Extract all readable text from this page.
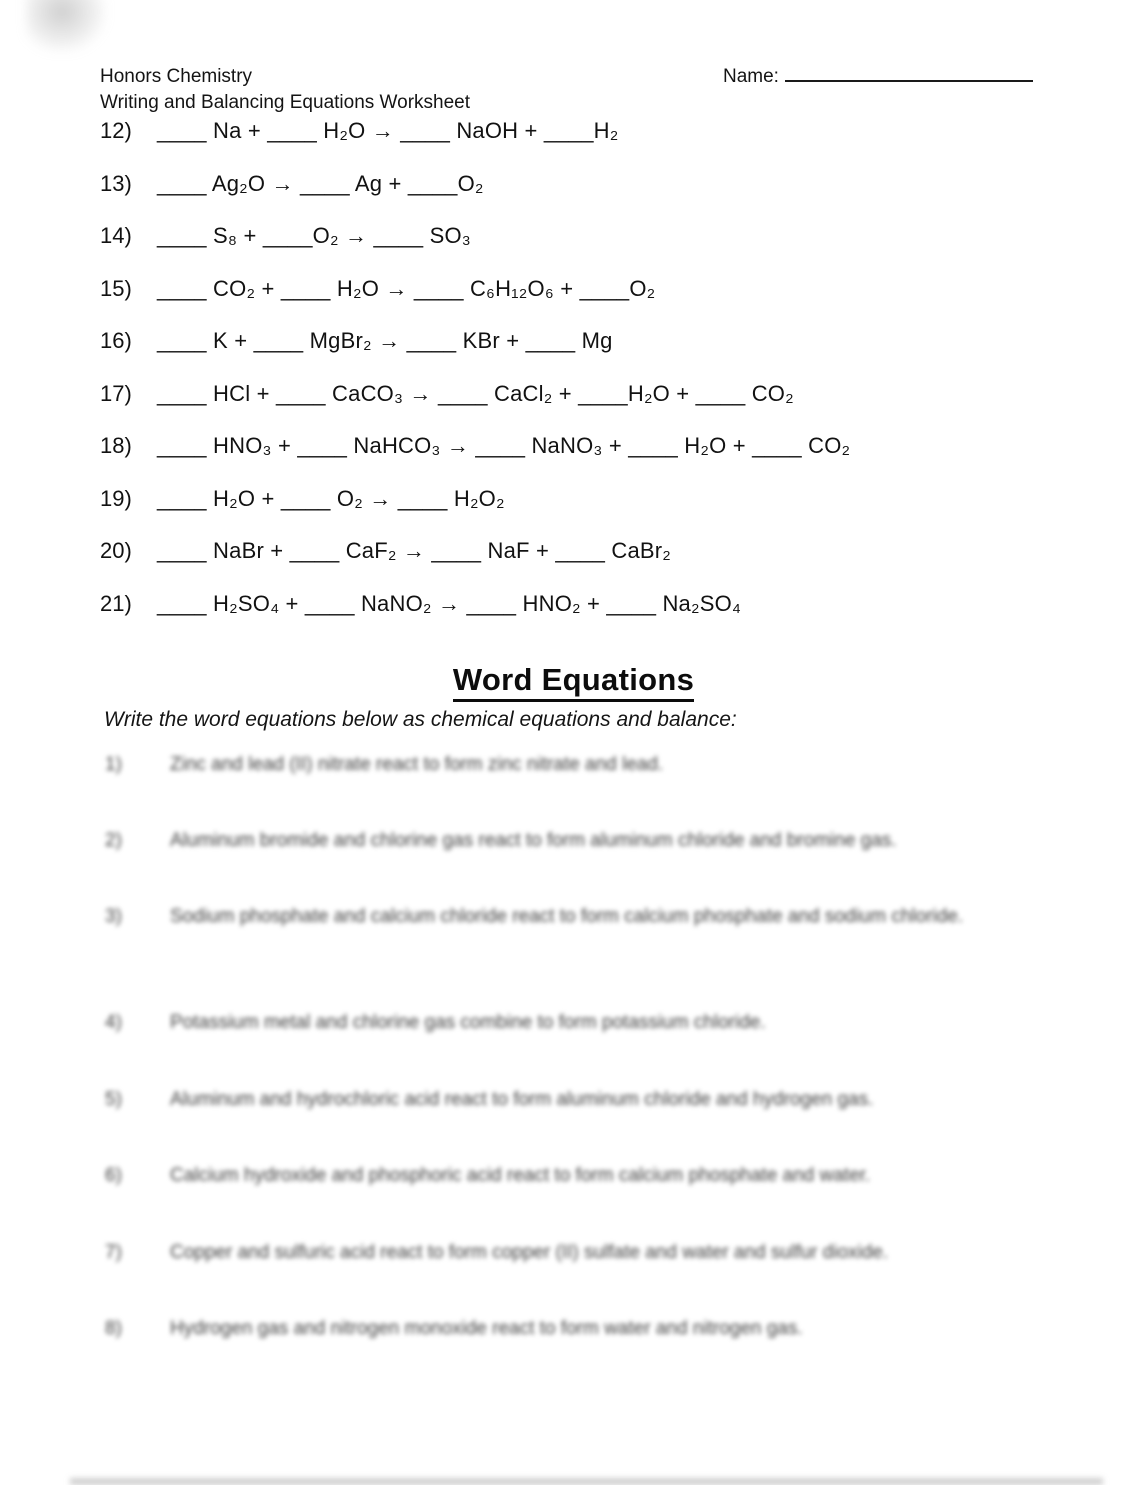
Honors Chemistry
Writing and Balancing Equations Worksheet
Name:
12) ____ Na + ____ H₂O → ____ NaOH + ____H₂
13) ____ Ag₂O → ____ Ag + ____O₂
14) ____ S₈ + ____O₂ → ____ SO₃
15) ____ CO₂ + ____ H₂O → ____ C₆H₁₂O₆ + ____O₂
16) ____ K + ____ MgBr₂ → ____ KBr + ____ Mg
17) ____ HCl + ____ CaCO₃ → ____ CaCl₂ + ____H₂O + ____ CO₂
18) ____ HNO₃ + ____ NaHCO₃ → ____ NaNO₃ + ____ H₂O + ____ CO₂
19) ____ H₂O + ____ O₂ → ____ H₂O₂
20) ____ NaBr + ____ CaF₂ → ____ NaF + ____ CaBr₂
21) ____ H₂SO₄ + ____ NaNO₂ → ____ HNO₂ + ____ Na₂SO₄
Word Equations
Write the word equations below as chemical equations and balance:
1)	Zinc and lead (II) nitrate react to form zinc nitrate and lead.
2)	Aluminum bromide and chlorine gas react to form aluminum chloride and bromine gas.
3)	Sodium phosphate and calcium chloride react to form calcium phosphate and sodium chloride.
4)	Potassium metal and chlorine gas combine to form potassium chloride.
5)	Aluminum and hydrochloric acid react to form aluminum chloride and hydrogen gas.
6)	Calcium hydroxide and phosphoric acid react to form calcium phosphate and water.
7)	Copper and sulfuric acid react to form copper (II) sulfate and water and sulfur dioxide.
8)	Hydrogen gas and nitrogen monoxide react to form water and nitrogen gas.
